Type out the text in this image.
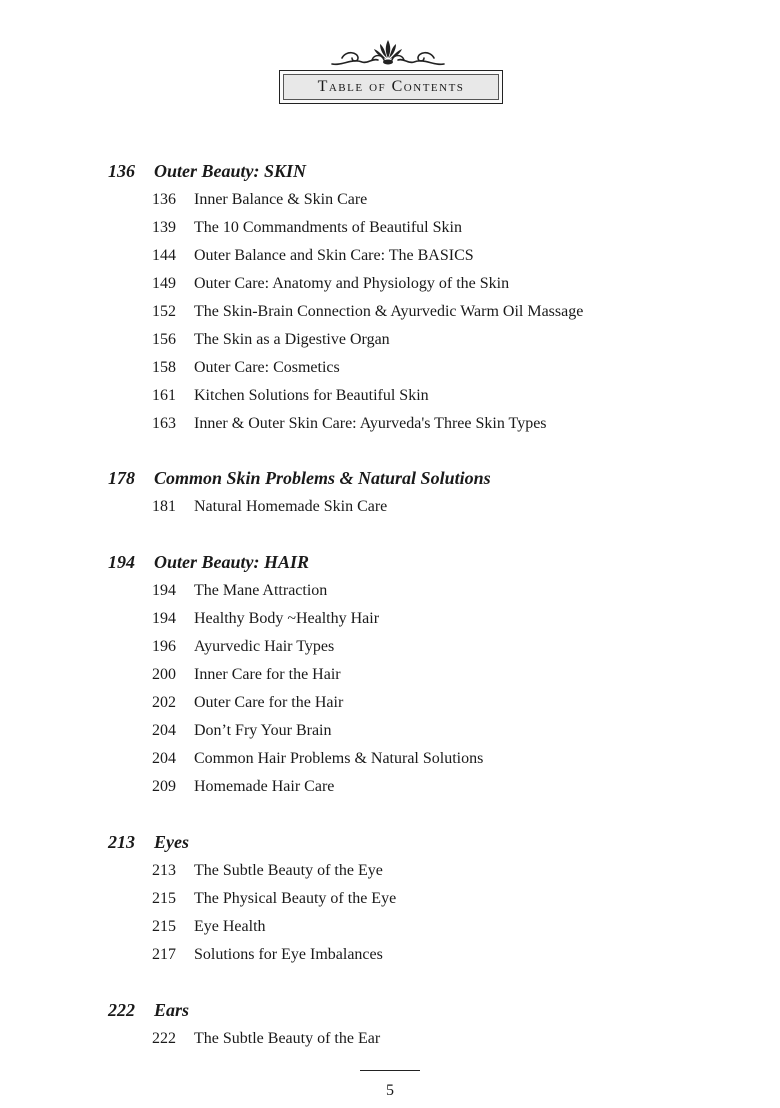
Table of Contents
136 Outer Beauty: SKIN
136 Inner Balance & Skin Care
139 The 10 Commandments of Beautiful Skin
144 Outer Balance and Skin Care: The BASICS
149 Outer Care: Anatomy and Physiology of the Skin
152 The Skin-Brain Connection & Ayurvedic Warm Oil Massage
156 The Skin as a Digestive Organ
158 Outer Care: Cosmetics
161 Kitchen Solutions for Beautiful Skin
163 Inner & Outer Skin Care: Ayurveda's Three Skin Types
178 Common Skin Problems & Natural Solutions
181 Natural Homemade Skin Care
194 Outer Beauty: HAIR
194 The Mane Attraction
194 Healthy Body ~Healthy Hair
196 Ayurvedic Hair Types
200 Inner Care for the Hair
202 Outer Care for the Hair
204 Don’t Fry Your Brain
204 Common Hair Problems & Natural Solutions
209 Homemade Hair Care
213 Eyes
213 The Subtle Beauty of the Eye
215 The Physical Beauty of the Eye
215 Eye Health
217 Solutions for Eye Imbalances
222 Ears
222 The Subtle Beauty of the Ear
5
